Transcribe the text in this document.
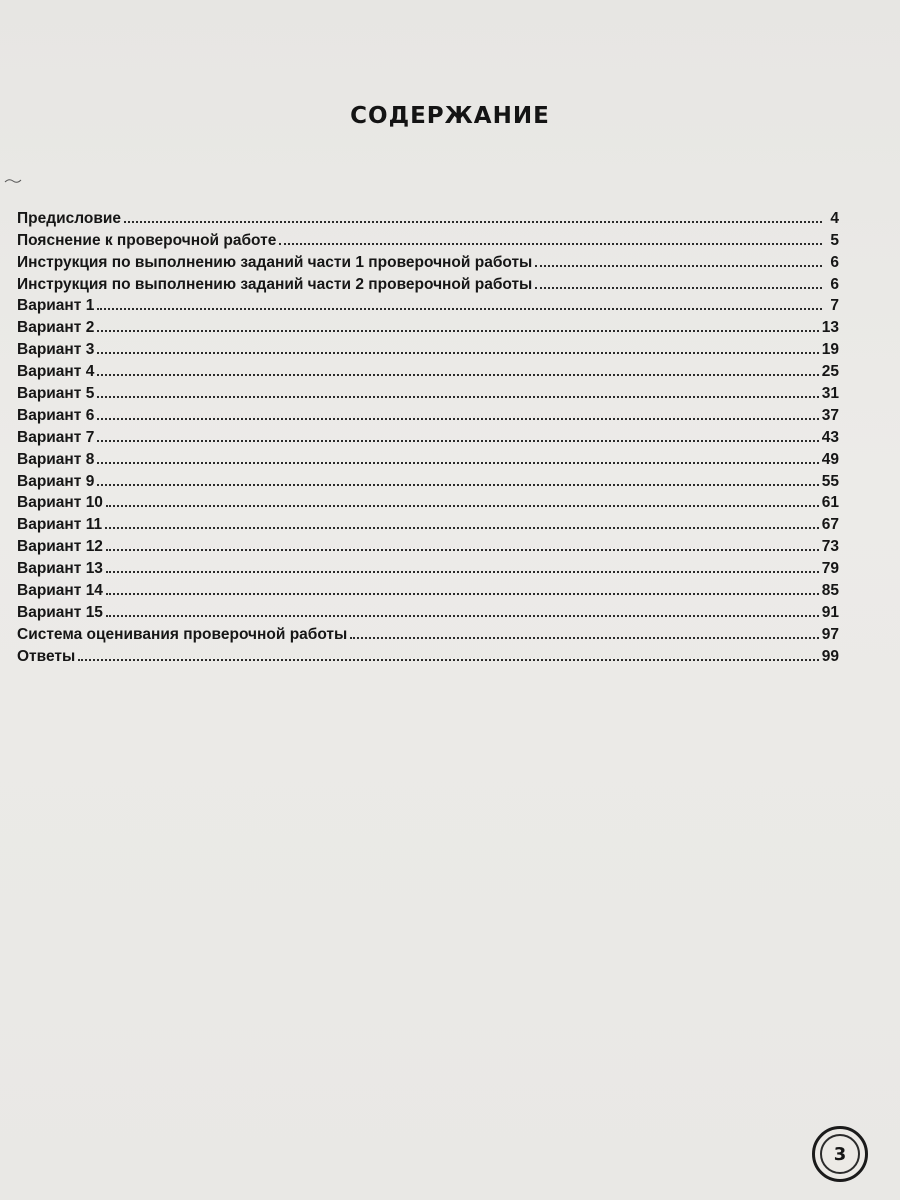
СОДЕРЖАНИЕ
Предисловие	4
Пояснение к проверочной работе	5
Инструкция по выполнению заданий части 1 проверочной работы	6
Инструкция по выполнению заданий части 2 проверочной работы	6
Вариант 1	7
Вариант 2	13
Вариант 3	19
Вариант 4	25
Вариант 5	31
Вариант 6	37
Вариант 7	43
Вариант 8	49
Вариант 9	55
Вариант 10	61
Вариант 11	67
Вариант 12	73
Вариант 13	79
Вариант 14	85
Вариант 15	91
Система оценивания проверочной работы	97
Ответы	99
3
